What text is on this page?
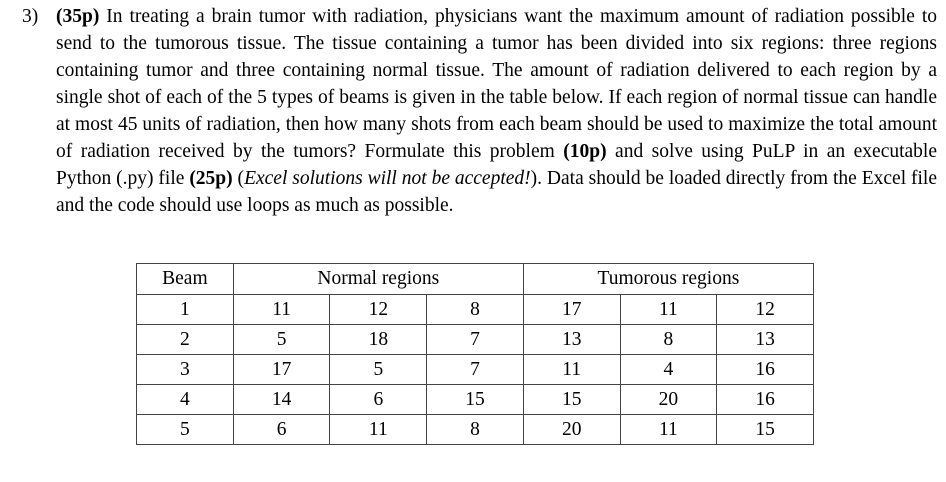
3) (35p) In treating a brain tumor with radiation, physicians want the maximum amount of radiation possible to send to the tumorous tissue. The tissue containing a tumor has been divided into six regions: three regions containing tumor and three containing normal tissue. The amount of radiation delivered to each region by a single shot of each of the 5 types of beams is given in the table below. If each region of normal tissue can handle at most 45 units of radiation, then how many shots from each beam should be used to maximize the total amount of radiation received by the tumors? Formulate this problem (10p) and solve using PuLP in an executable Python (.py) file (25p) (Excel solutions will not be accepted!). Data should be loaded directly from the Excel file and the code should use loops as much as possible.
Beam	Normal regions			Tumorous regions		
1	11	12	8	17	11	12
2	5	18	7	13	8	13
3	17	5	7	11	4	16
4	14	6	15	15	20	16
5	6	11	8	20	11	15
